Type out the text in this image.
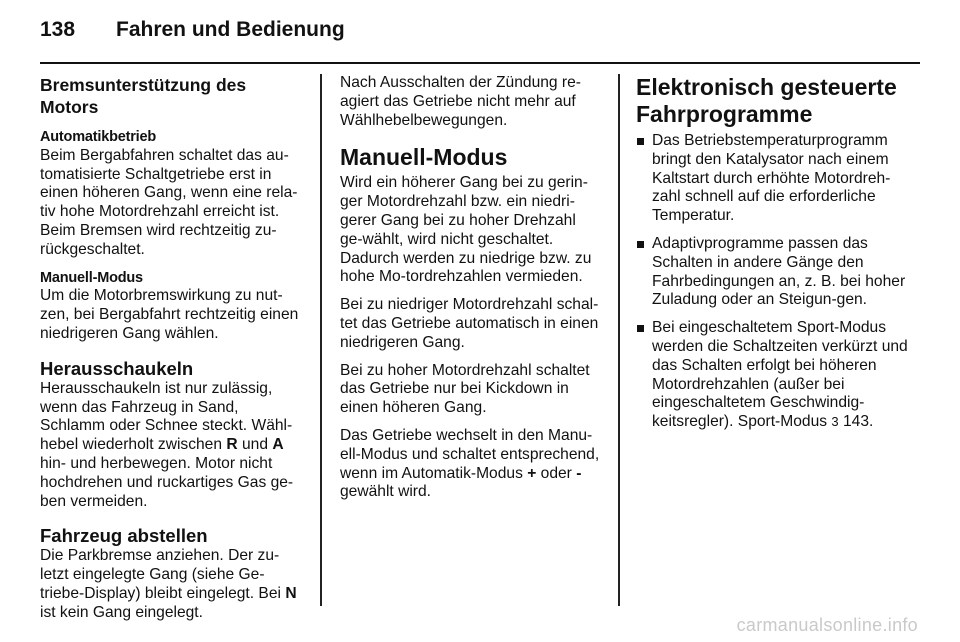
138 Fahren und Bedienung
Bremsunterstützung des Motors
Automatikbetrieb
Beim Bergabfahren schaltet das au-tomatisierte Schaltgetriebe erst in einen höheren Gang, wenn eine rela-tiv hohe Motordrehzahl erreicht ist. Beim Bremsen wird rechtzeitig zu-rückgeschaltet.
Manuell-Modus
Um die Motorbremswirkung zu nut-zen, bei Bergabfahrt rechtzeitig einen niedrigeren Gang wählen.
Herausschaukeln
Herausschaukeln ist nur zulässig, wenn das Fahrzeug in Sand, Schlamm oder Schnee steckt. Wähl-hebel wiederholt zwischen R und A hin- und herbewegen. Motor nicht hochdrehen und ruckartiges Gas ge-ben vermeiden.
Fahrzeug abstellen
Die Parkbremse anziehen. Der zu-letzt eingelegte Gang (siehe Ge-triebe-Display) bleibt eingelegt. Bei N ist kein Gang eingelegt.
Nach Ausschalten der Zündung re-agiert das Getriebe nicht mehr auf Wählhebelbewegungen.
Manuell-Modus
Wird ein höherer Gang bei zu gerin-ger Motordrehzahl bzw. ein niedri-gerer Gang bei zu hoher Drehzahl ge-wählt, wird nicht geschaltet. Dadurch werden zu niedrige bzw. zu hohe Mo-tordrehzahlen vermieden.
Bei zu niedriger Motordrehzahl schal-tet das Getriebe automatisch in einen niedrigeren Gang.
Bei zu hoher Motordrehzahl schaltet das Getriebe nur bei Kickdown in einen höheren Gang.
Das Getriebe wechselt in den Manu-ell-Modus und schaltet entsprechend, wenn im Automatik-Modus + oder - gewählt wird.
Elektronisch gesteuerte Fahrprogramme
Das Betriebstemperaturprogramm bringt den Katalysator nach einem Kaltstart durch erhöhte Motordreh-zahl schnell auf die erforderliche Temperatur.
Adaptivprogramme passen das Schalten in andere Gänge den Fahrbedingungen an, z. B. bei hoher Zuladung oder an Steigun-gen.
Bei eingeschaltetem Sport-Modus werden die Schaltzeiten verkürzt und das Schalten erfolgt bei höheren Motordrehzahlen (außer bei eingeschaltetem Geschwindig-keitsregler). Sport-Modus 3 143.
carmanualsonline.info
